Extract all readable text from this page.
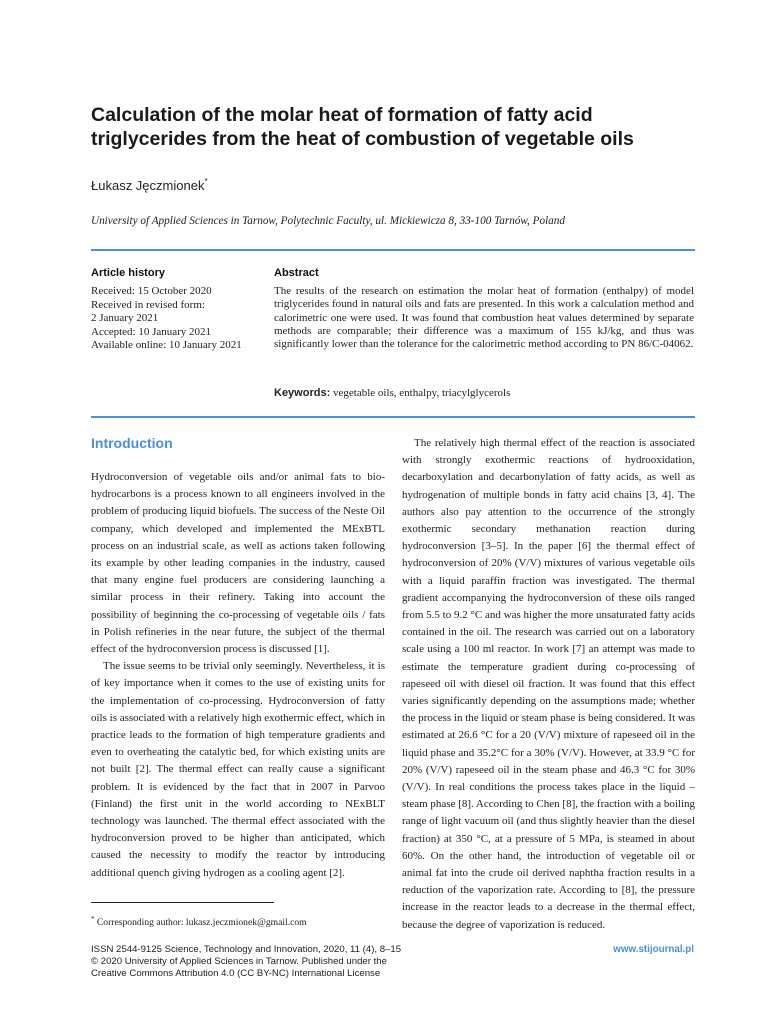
Calculation of the molar heat of formation of fatty acid triglycerides from the heat of combustion of vegetable oils
Łukasz Jęczmionek*
University of Applied Sciences in Tarnow, Polytechnic Faculty, ul. Mickiewicza 8, 33-100 Tarnów, Poland
Article history
Received: 15 October 2020
Received in revised form:
2 January 2021
Accepted: 10 January 2021
Available online: 10 January 2021
Abstract
The results of the research on estimation the molar heat of formation (enthalpy) of model triglycerides found in natural oils and fats are presented. In this work a calculation method and calorimetric one were used. It was found that combustion heat values determined by separate methods are comparable; their difference was a maximum of 155 kJ/kg, and thus was significantly lower than the tolerance for the calorimetric method according to PN 86/C-04062.
Keywords: vegetable oils, enthalpy, triacylglycerols
Introduction

Hydroconversion of vegetable oils and/or animal fats to bio-hydrocarbons is a process known to all engineers involved in the problem of producing liquid biofuels. The success of the Neste Oil company, which developed and implemented the MExBTL process on an industrial scale, as well as actions taken following its example by other leading companies in the industry, caused that many engine fuel producers are considering launching a similar process in their refinery. Taking into account the possibility of beginning the co-processing of vegetable oils / fats in Polish refineries in the near future, the subject of the thermal effect of the hydroconversion process is discussed [1].

The issue seems to be trivial only seemingly. Nevertheless, it is of key importance when it comes to the use of existing units for the implementation of co-processing. Hydroconversion of fatty oils is associated with a relatively high exothermic effect, which in practice leads to the formation of high temperature gradients and even to overheating the catalytic bed, for which existing units are not built [2]. The thermal effect can really cause a significant problem. It is evidenced by the fact that in 2007 in Parvoo (Finland) the first unit in the world according to NExBLT technology was launched. The thermal effect associated with the hydroconversion proved to be higher than anticipated, which caused the necessity to modify the reactor by introducing additional quench giving hydrogen as a cooling agent [2].

The relatively high thermal effect of the reaction is associated with strongly exothermic reactions of hydrooxidation, decarboxylation and decarbonylation of fatty acids, as well as hydrogenation of multiple bonds in fatty acid chains [3, 4]. The authors also pay attention to the occurrence of the strongly exothermic secondary methanation reaction during hydroconversion [3–5]. In the paper [6] the thermal effect of hydroconversion of 20% (V/V) mixtures of various vegetable oils with a liquid paraffin fraction was investigated. The thermal gradient accompanying the hydroconversion of these oils ranged from 5.5 to 9.2 °C and was higher the more unsaturated fatty acids contained in the oil. The research was carried out on a laboratory scale using a 100 ml reactor. In work [7] an attempt was made to estimate the temperature gradient during co-processing of rapeseed oil with diesel oil fraction. It was found that this effect varies significantly depending on the assumptions made; whether the process in the liquid or steam phase is being considered. It was estimated at 26.6 °C for a 20 (V/V) mixture of rapeseed oil in the liquid phase and 35.2°C for a 30% (V/V). However, at 33.9 °C for 20% (V/V) rapeseed oil in the steam phase and 46.3 °C for 30% (V/V). In real conditions the process takes place in the liquid – steam phase [8]. According to Chen [8], the fraction with a boiling range of light vacuum oil (and thus slightly heavier than the diesel fraction) at 350 °C, at a pressure of 5 MPa, is steamed in about 60%. On the other hand, the introduction of vegetable oil or animal fat into the crude oil derived naphtha fraction results in a reduction of the vaporization rate. According to [8], the pressure increase in the reactor leads to a decrease in the thermal effect, because the degree of vaporization is reduced.

* Corresponding author: lukasz.jeczmionek@gmail.com
ISSN 2544-9125 Science, Technology and Innovation, 2020, 11 (4), 8–15
© 2020 University of Applied Sciences in Tarnow. Published under the
Creative Commons Attribution 4.0 (CC BY-NC) International License
www.stijournal.pl
